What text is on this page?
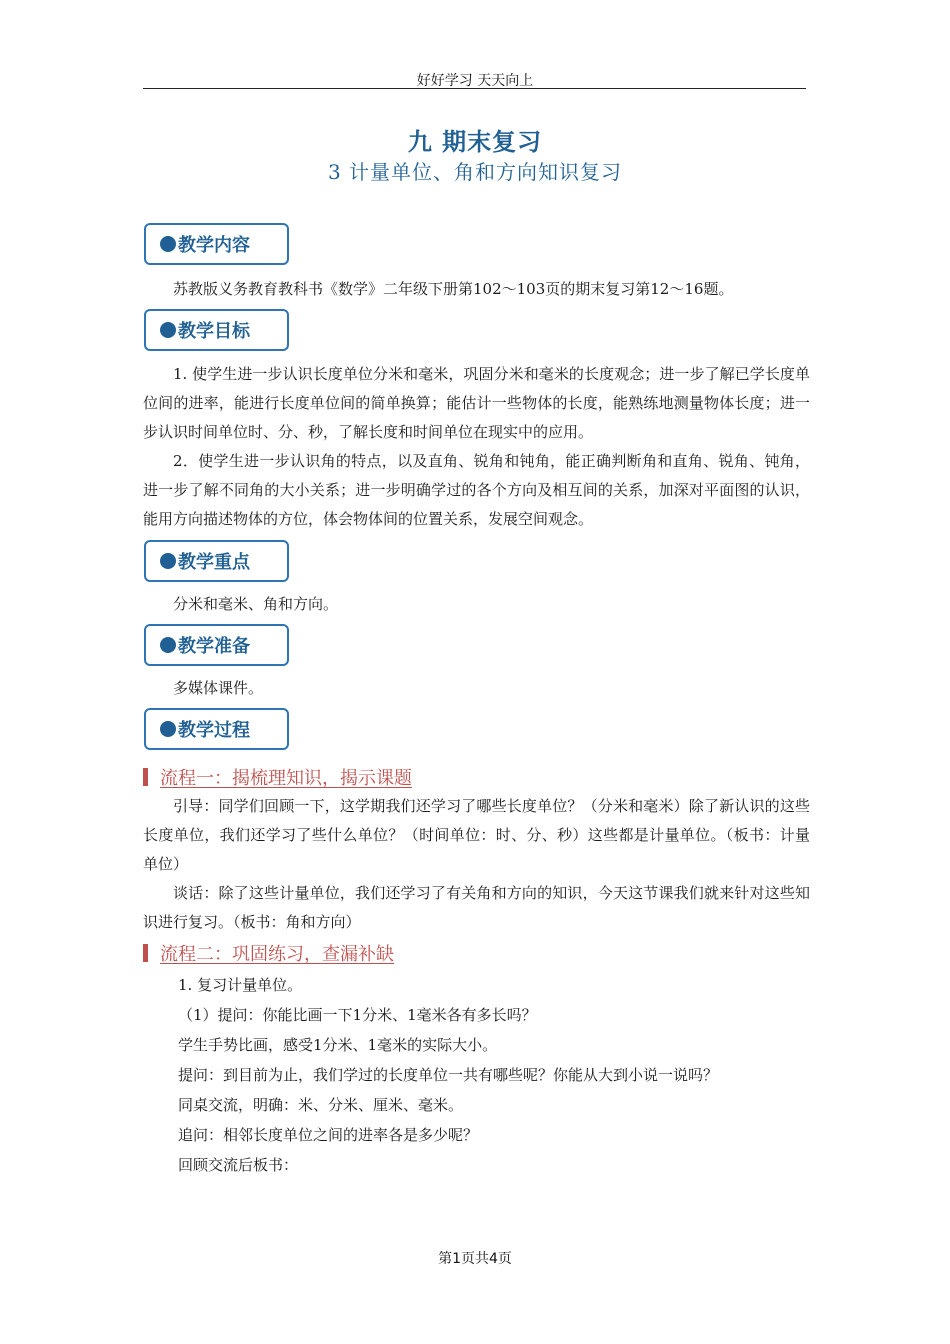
好好学习 天天向上
九 期末复习
3 计量单位、角和方向知识复习
教学内容

苏教版义务教育教科书《数学》二年级下册第102～103页的期末复习第12～16题。

教学目标

1. 使学生进一步认识长度单位分米和毫米，巩固分米和毫米的长度观念；进一步了解已学长度单位间的进率，能进行长度单位间的简单换算；能估计一些物体的长度，能熟练地测量物体长度；进一步认识时间单位时、分、秒，了解长度和时间单位在现实中的应用。

2．使学生进一步认识角的特点，以及直角、锐角和钝角，能正确判断角和直角、锐角、钝角，进一步了解不同角的大小关系；进一步明确学过的各个方向及相互间的关系，加深对平面图的认识，能用方向描述物体的方位，体会物体间的位置关系，发展空间观念。

教学重点

分米和毫米、角和方向。

教学准备

多媒体课件。

教学过程
流程一：揭梳理知识，揭示课题

引导：同学们回顾一下，这学期我们还学习了哪些长度单位？（分米和毫米）除了新认识的这些长度单位，我们还学习了些什么单位？（时间单位：时、分、秒）这些都是计量单位。（板书：计量单位）

谈话：除了这些计量单位，我们还学习了有关角和方向的知识，今天这节课我们就来针对这些知识进行复习。（板书：角和方向）

流程二：巩固练习，查漏补缺
1. 复习计量单位。
（1）提问：你能比画一下1分米、1毫米各有多长吗？
学生手势比画，感受1分米、1毫米的实际大小。
提问：到目前为止，我们学过的长度单位一共有哪些呢？你能从大到小说一说吗？
同桌交流，明确：米、分米、厘米、毫米。
追问：相邻长度单位之间的进率各是多少呢？
回顾交流后板书：
第1页共4页
